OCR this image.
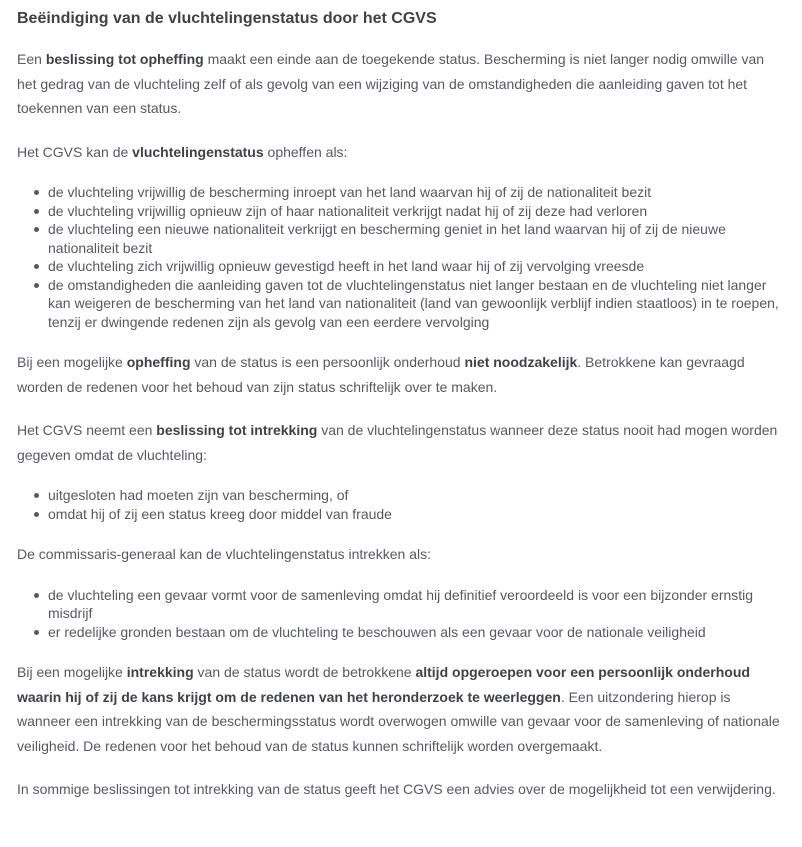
Beëindiging van de vluchtelingenstatus door het CGVS

Een beslissing tot opheffing maakt een einde aan de toegekende status. Bescherming is niet langer nodig omwille van het gedrag van de vluchteling zelf of als gevolg van een wijziging van de omstandigheden die aanleiding gaven tot het toekennen van een status.

Het CGVS kan de vluchtelingenstatus opheffen als:

de vluchteling vrijwillig de bescherming inroept van het land waarvan hij of zij de nationaliteit bezit
de vluchteling vrijwillig opnieuw zijn of haar nationaliteit verkrijgt nadat hij of zij deze had verloren
de vluchteling een nieuwe nationaliteit verkrijgt en bescherming geniet in het land waarvan hij of zij de nieuwe nationaliteit bezit
de vluchteling zich vrijwillig opnieuw gevestigd heeft in het land waar hij of zij vervolging vreesde
de omstandigheden die aanleiding gaven tot de vluchtelingenstatus niet langer bestaan en de vluchteling niet langer kan weigeren de bescherming van het land van nationaliteit (land van gewoonlijk verblijf indien staatloos) in te roepen, tenzij er dwingende redenen zijn als gevolg van een eerdere vervolging

Bij een mogelijke opheffing van de status is een persoonlijk onderhoud niet noodzakelijk. Betrokkene kan gevraagd worden de redenen voor het behoud van zijn status schriftelijk over te maken.

Het CGVS neemt een beslissing tot intrekking van de vluchtelingenstatus wanneer deze status nooit had mogen worden gegeven omdat de vluchteling:

uitgesloten had moeten zijn van bescherming, of
omdat hij of zij een status kreeg door middel van fraude

De commissaris-generaal kan de vluchtelingenstatus intrekken als:

de vluchteling een gevaar vormt voor de samenleving omdat hij definitief veroordeeld is voor een bijzonder ernstig misdrijf
er redelijke gronden bestaan om de vluchteling te beschouwen als een gevaar voor de nationale veiligheid

Bij een mogelijke intrekking van de status wordt de betrokkene altijd opgeroepen voor een persoonlijk onderhoud waarin hij of zij de kans krijgt om de redenen van het heronderzoek te weerleggen. Een uitzondering hierop is wanneer een intrekking van de beschermingsstatus wordt overwogen omwille van gevaar voor de samenleving of nationale veiligheid. De redenen voor het behoud van de status kunnen schriftelijk worden overgemaakt.

In sommige beslissingen tot intrekking van de status geeft het CGVS een advies over de mogelijkheid tot een verwijdering.
